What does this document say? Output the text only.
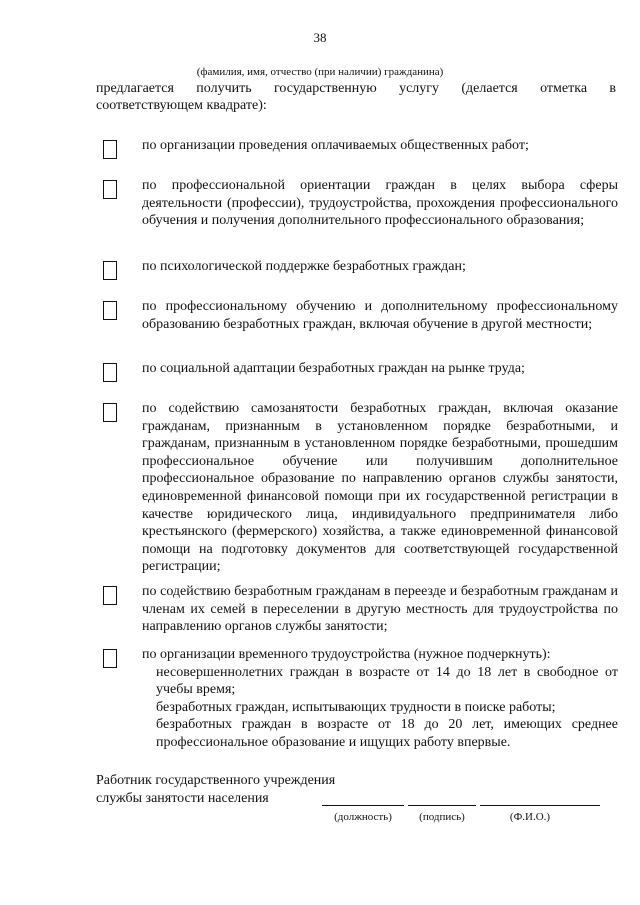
38
(фамилия, имя, отчество (при наличии) гражданина)
предлагается получить государственную услугу (делается отметка в
соответствующем квадрате):
по организации проведения оплачиваемых общественных работ;
по профессиональной ориентации граждан в целях выбора сферы деятельности (профессии), трудоустройства, прохождения профессионального обучения и получения дополнительного профессионального образования;
по психологической поддержке безработных граждан;
по профессиональному обучению и дополнительному профессиональному образованию безработных граждан, включая обучение в другой местности;
по социальной адаптации безработных граждан на рынке труда;
по содействию самозанятости безработных граждан, включая оказание гражданам, признанным в установленном порядке безработными, и гражданам, признанным в установленном порядке безработными, прошедшим профессиональное обучение или получившим дополнительное профессиональное образование по направлению органов службы занятости, единовременной финансовой помощи при их государственной регистрации в качестве юридического лица, индивидуального предпринимателя либо крестьянского (фермерского) хозяйства, а также единовременной финансовой помощи на подготовку документов для соответствующей государственной регистрации;
по содействию безработным гражданам в переезде и безработным гражданам и членам их семей в переселении в другую местность для трудоустройства по направлению органов службы занятости;
по организации временного трудоустройства (нужное подчеркнуть):
несовершеннолетних граждан в возрасте от 14 до 18 лет в свободное от учебы время;
безработных граждан, испытывающих трудности в поиске работы;
безработных граждан в возрасте от 18 до 20 лет, имеющих среднее профессиональное образование и ищущих работу впервые.
Работник государственного учреждения
службы занятости населения
(должность)	(подпись)	(Ф.И.О.)
